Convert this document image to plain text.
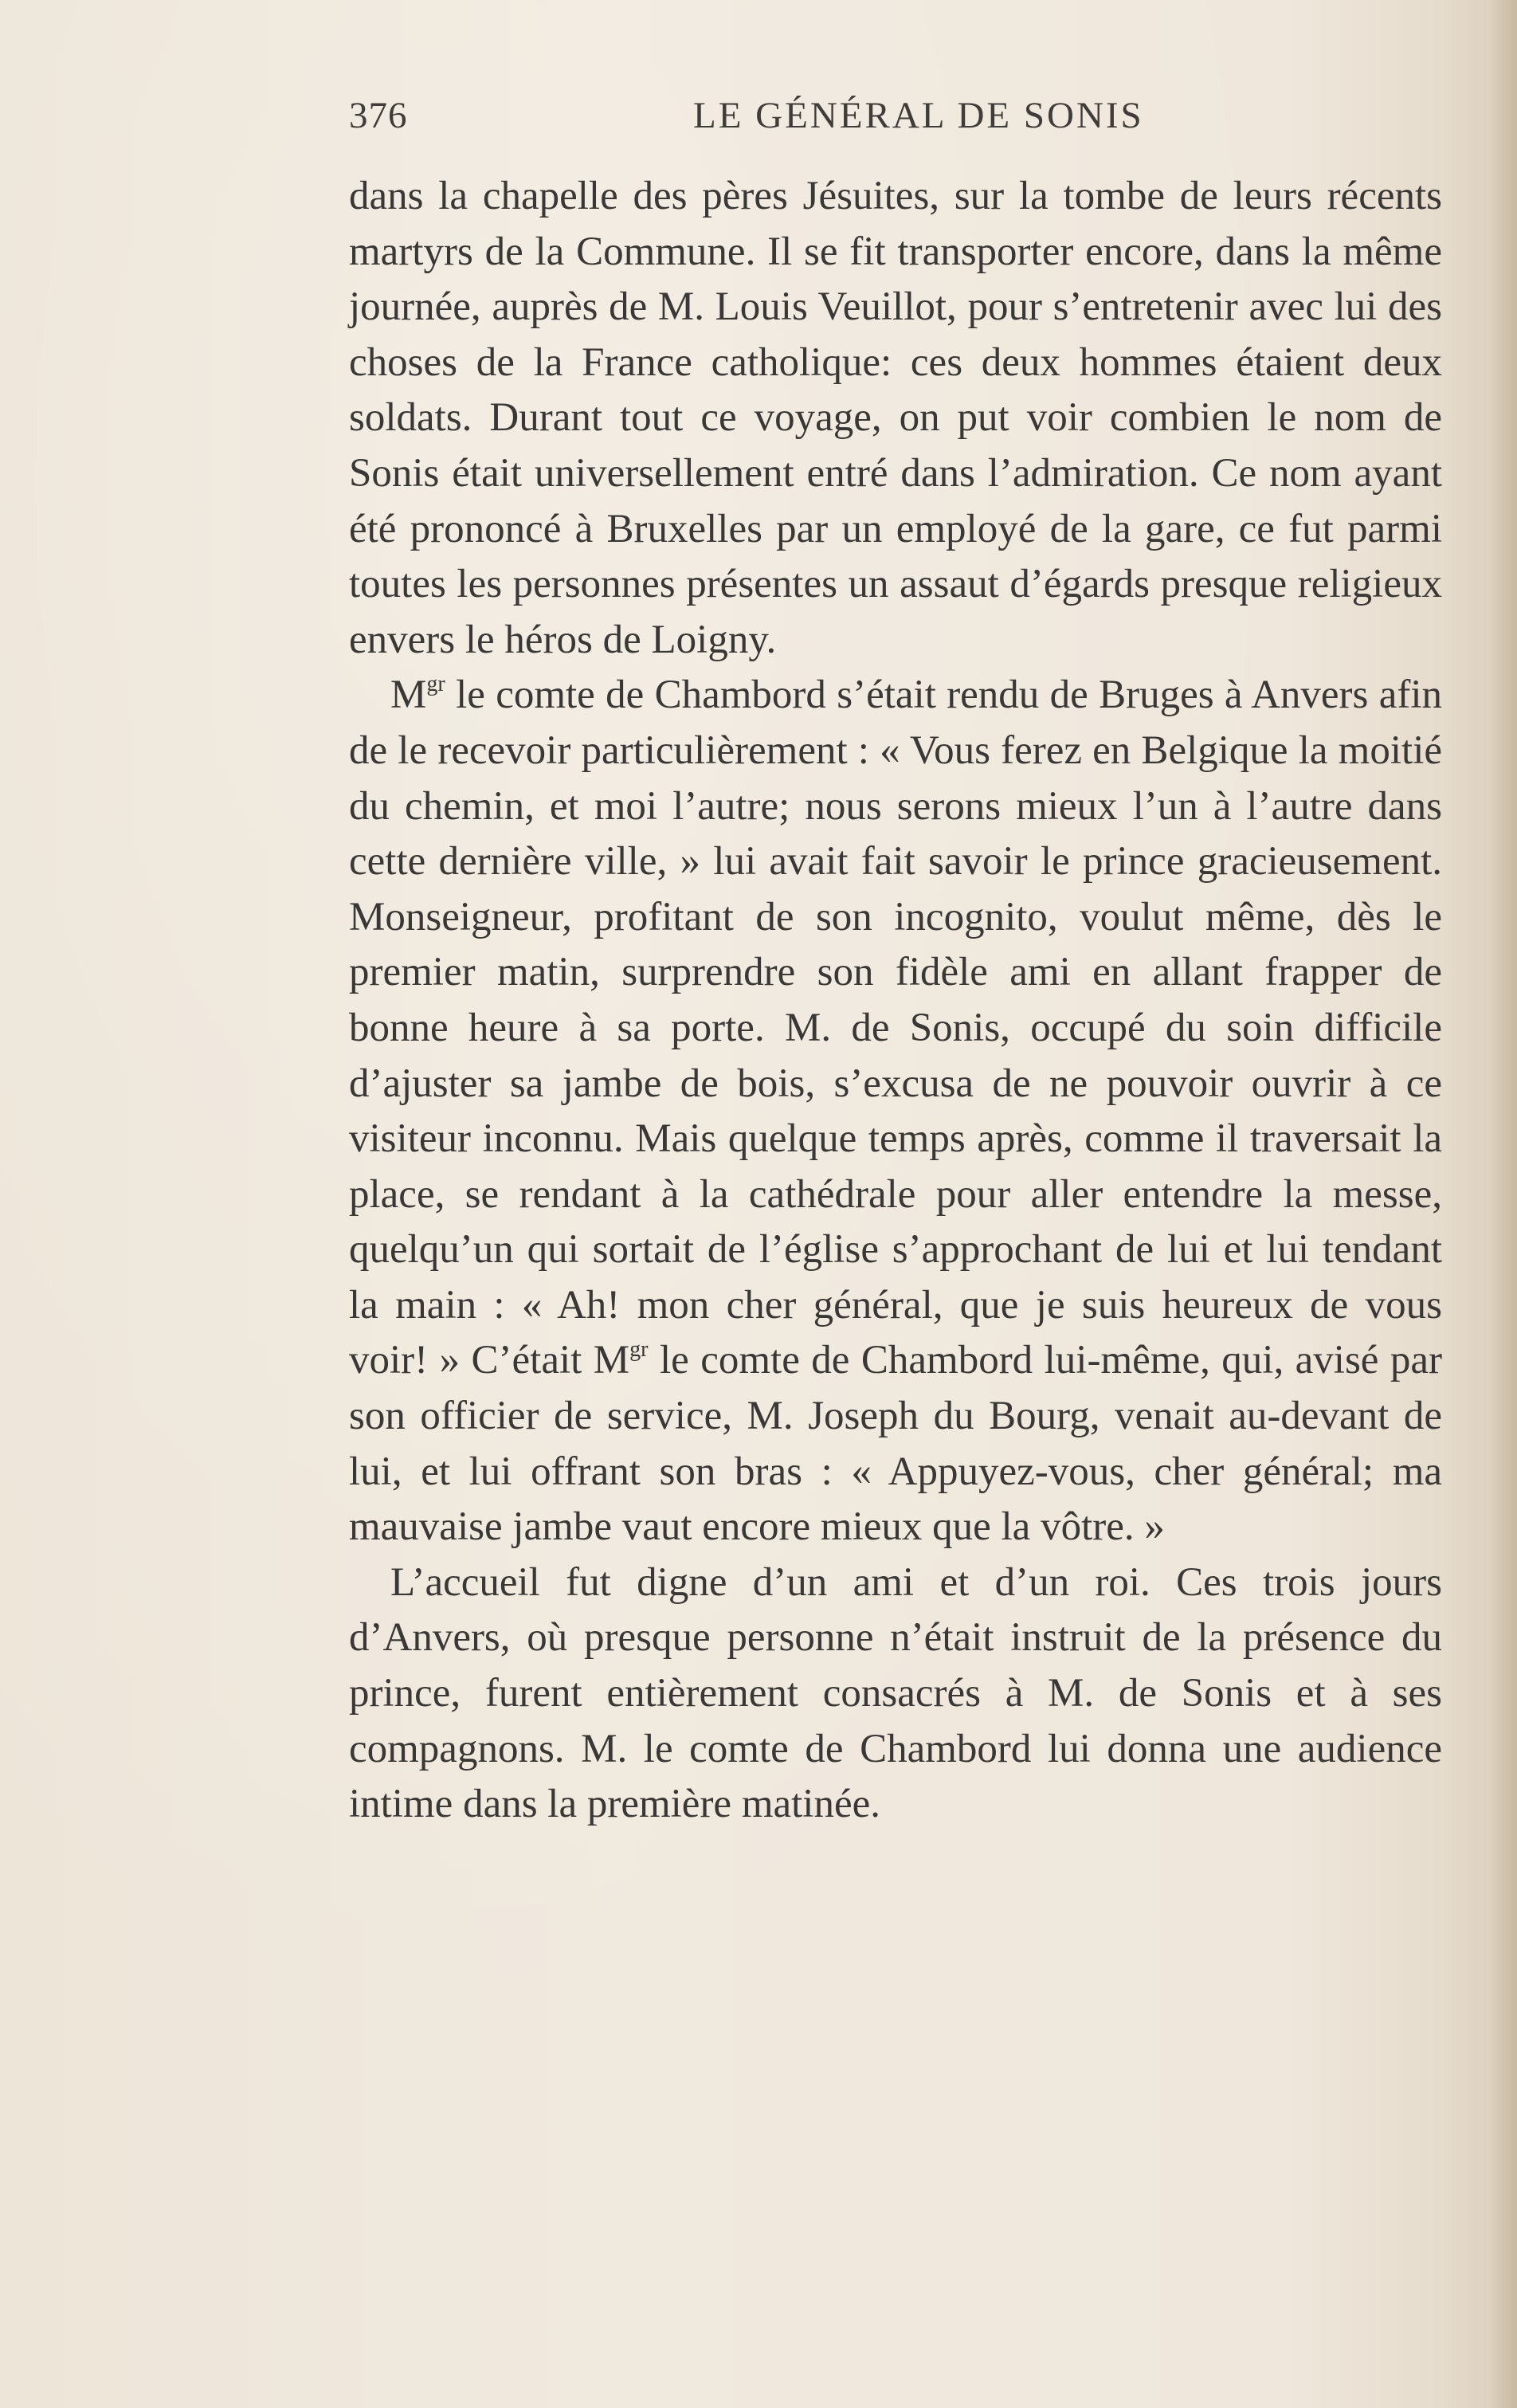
376	LE GÉNÉRAL DE SONIS

dans la chapelle des pères Jésuites, sur la tombe de leurs récents martyrs de la Commune. Il se fit transporter encore, dans la même journée, auprès de M. Louis Veuillot, pour s’entretenir avec lui des choses de la France catholique: ces deux hommes étaient deux soldats. Durant tout ce voyage, on put voir combien le nom de Sonis était universellement entré dans l’admiration. Ce nom ayant été prononcé à Bruxelles par un employé de la gare, ce fut parmi toutes les personnes présentes un assaut d’égards presque religieux envers le héros de Loigny.

$M^{gr}$ le comte de Chambord s’était rendu de Bruges à Anvers afin de le recevoir particulièrement : « Vous ferez en Belgique la moitié du chemin, et moi l’autre; nous serons mieux l’un à l’autre dans cette dernière ville, » lui avait fait savoir le prince gracieusement. Monseigneur, profitant de son incognito, voulut même, dès le premier matin, surprendre son fidèle ami en allant frapper de bonne heure à sa porte. M. de Sonis, occupé du soin difficile d’ajuster sa jambe de bois, s’excusa de ne pouvoir ouvrir à ce visiteur inconnu. Mais quelque temps après, comme il traversait la place, se rendant à la cathédrale pour aller entendre la messe, quelqu’un qui sortait de l’église s’approchant de lui et lui tendant la main : « Ah! mon cher général, que je suis heureux de vous voir! » C’était $M^{gr}$ le comte de Chambord lui-même, qui, avisé par son officier de service, M. Joseph du Bourg, venait au-devant de lui, et lui offrant son bras : « Appuyez-vous, cher général; ma mauvaise jambe vaut encore mieux que la vôtre. »

L’accueil fut digne d’un ami et d’un roi. Ces trois jours d’Anvers, où presque personne n’était instruit de la présence du prince, furent entièrement consacrés à M. de Sonis et à ses compagnons. M. le comte de Chambord lui donna une audience intime dans la première matinée.
